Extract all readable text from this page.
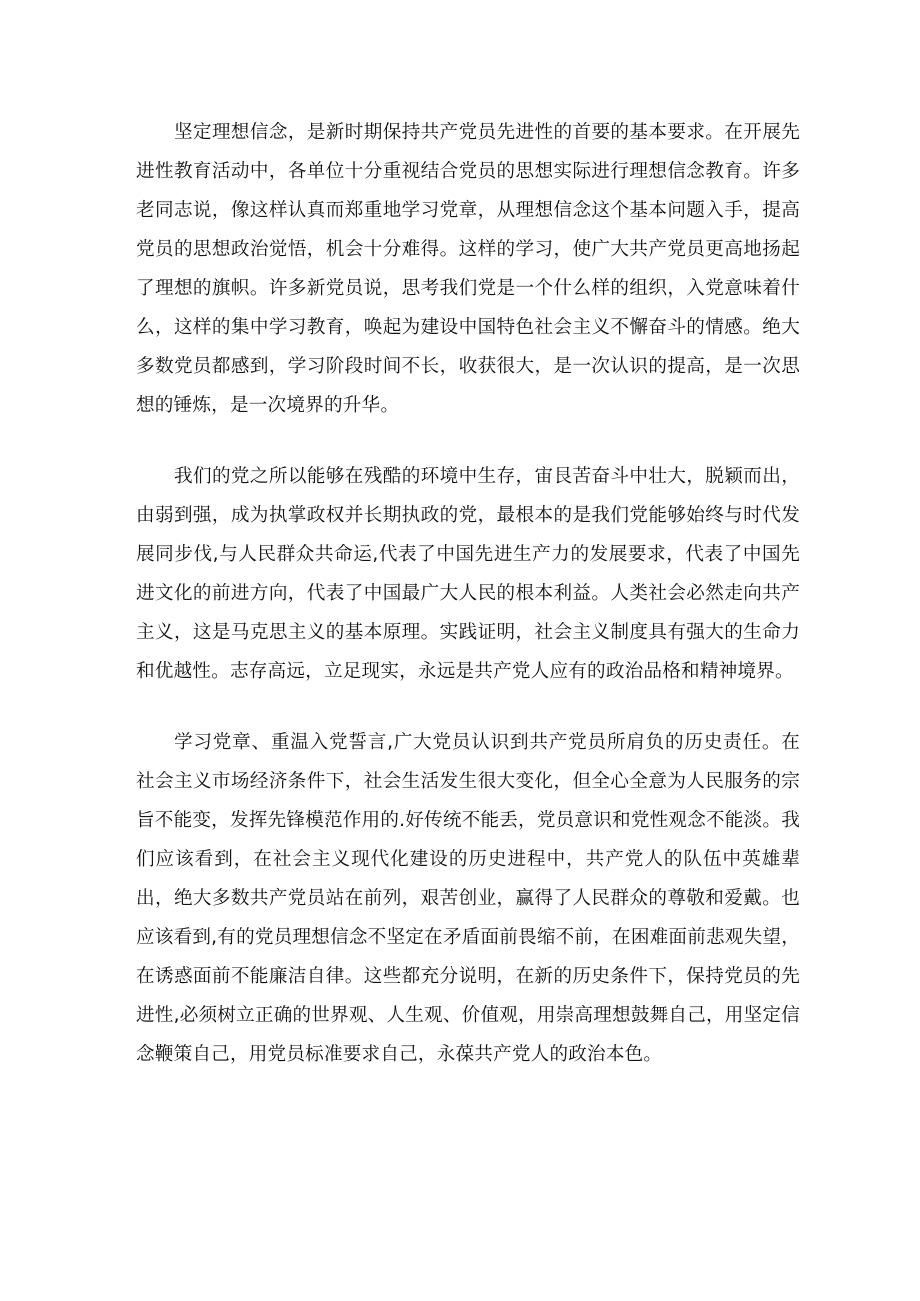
坚定理想信念，是新时期保持共产党员先进性的首要的基本要求。在开展先进性教育活动中，各单位十分重视结合党员的思想实际进行理想信念教育。许多老同志说，像这样认真而郑重地学习党章，从理想信念这个基本问题入手，提高党员的思想政治觉悟，机会十分难得。这样的学习，使广大共产党员更高地扬起了理想的旗帜。许多新党员说，思考我们党是一个什么样的组织，入党意味着什么，这样的集中学习教育，唤起为建设中国特色社会主义不懈奋斗的情感。绝大多数党员都感到，学习阶段时间不长，收获很大，是一次认识的提高，是一次思想的锤炼，是一次境界的升华。

我们的党之所以能够在残酷的环境中生存，宙艮苦奋斗中壮大，脱颖而出，由弱到强，成为执掌政权并长期执政的党，最根本的是我们党能够始终与时代发展同步伐,与人民群众共命运,代表了中国先进生产力的发展要求，代表了中国先进文化的前进方向，代表了中国最广大人民的根本利益。人类社会必然走向共产主义，这是马克思主义的基本原理。实践证明，社会主义制度具有强大的生命力和优越性。志存高远，立足现实，永远是共产党人应有的政治品格和精神境界。

学习党章、重温入党誓言,广大党员认识到共产党员所肩负的历史责任。在社会主义市场经济条件下，社会生活发生很大变化，但全心全意为人民服务的宗旨不能变，发挥先锋模范作用的.好传统不能丢，党员意识和党性观念不能淡。我们应该看到，在社会主义现代化建设的历史进程中，共产党人的队伍中英雄辈出，绝大多数共产党员站在前列，艰苦创业，赢得了人民群众的尊敬和爱戴。也应该看到,有的党员理想信念不坚定在矛盾面前畏缩不前，在困难面前悲观失望，在诱惑面前不能廉洁自律。这些都充分说明，在新的历史条件下，保持党员的先进性,必须树立正确的世界观、人生观、价值观，用崇高理想鼓舞自己，用坚定信念鞭策自己，用党员标准要求自己，永葆共产党人的政治本色。
